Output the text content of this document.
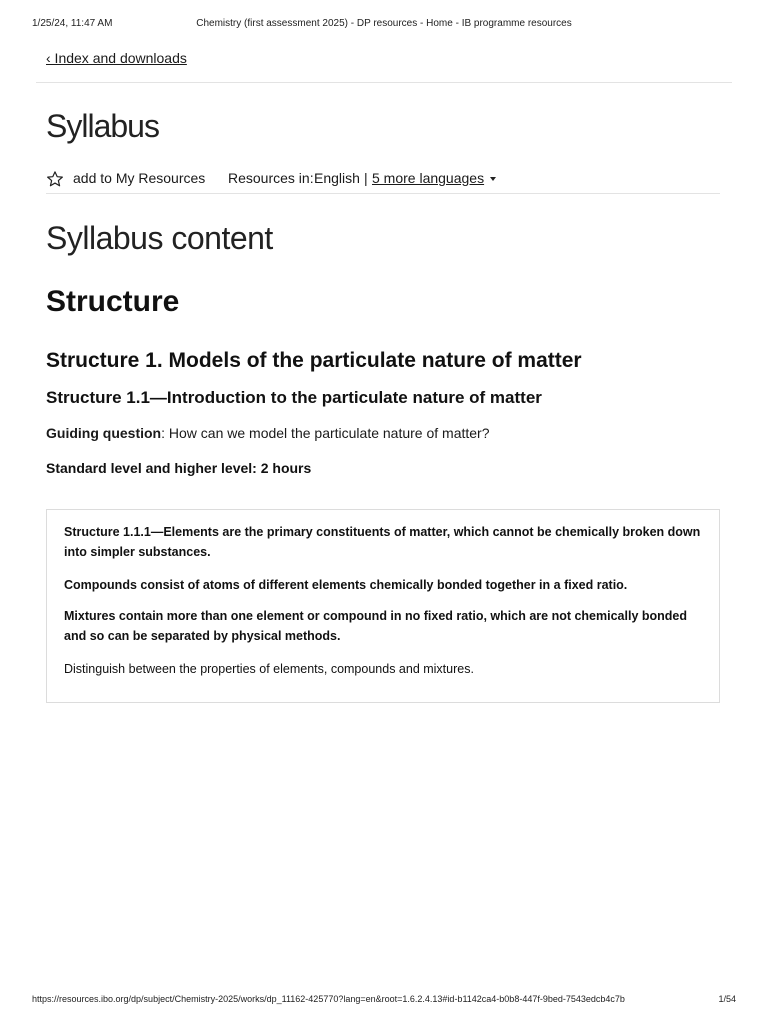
1/25/24, 11:47 AM	Chemistry (first assessment 2025) - DP resources - Home - IB programme resources
‹ Index and downloads
Syllabus
add to My Resources Resources in: English | 5 more languages
Syllabus content
Structure
Structure 1. Models of the particulate nature of matter
Structure 1.1—Introduction to the particulate nature of matter

Guiding question: How can we model the particulate nature of matter?

Standard level and higher level: 2 hours

Structure 1.1.1—Elements are the primary constituents of matter, which cannot be chemically broken down into simpler substances.

Compounds consist of atoms of different elements chemically bonded together in a fixed ratio.

Mixtures contain more than one element or compound in no fixed ratio, which are not chemically bonded and so can be separated by physical methods.

Distinguish between the properties of elements, compounds and mixtures.

https://resources.ibo.org/dp/subject/Chemistry-2025/works/dp_11162-425770?lang=en&root=1.6.2.4.13#id-b1142ca4-b0b8-447f-9bed-7543edcb4c7b	1/54
